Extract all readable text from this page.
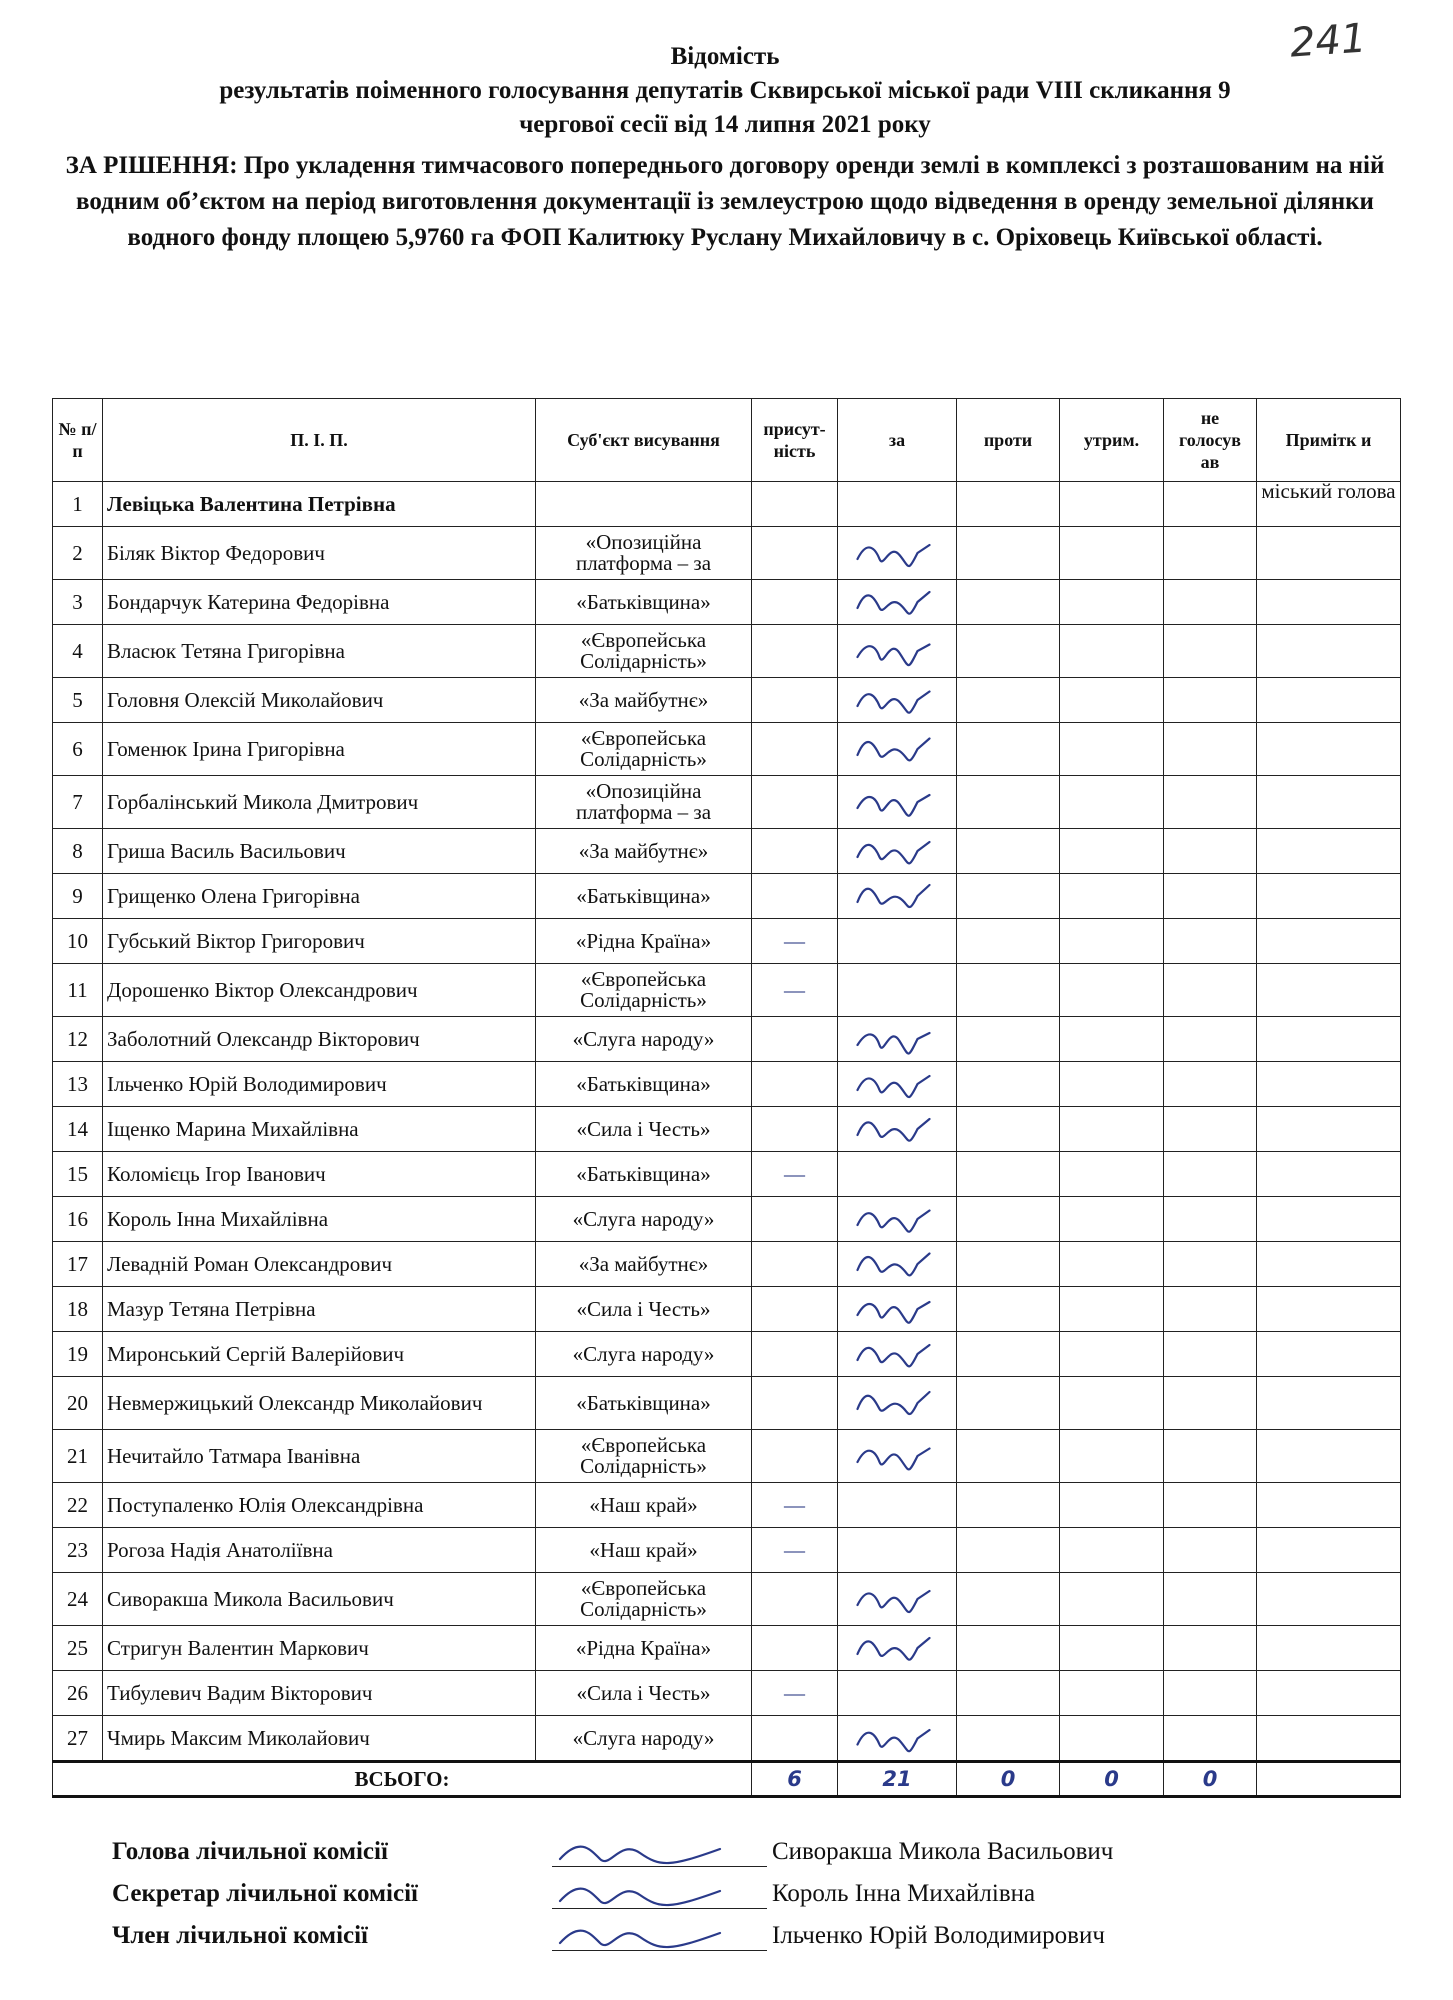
241
Відомість
результатів поіменного голосування депутатів Сквирської міської ради VIII скликання 9
чергової сесії від 14 липня 2021 року
ЗА РІШЕННЯ: Про укладення тимчасового попереднього договору оренди землі в комплексі з розташованим на ній водним об’єктом на період виготовлення документації із землеустрою щодо відведення в оренду земельної ділянки водного фонду площею 5,9760 га ФОП Калитюку Руслану Михайловичу в с. Оріховець Київської області.
№ п/п	П. І. П.	Суб'єкт висування	присут-ність	за	проти	утрим.	не голосув ав	Примітк и
1	Левіцька Валентина Петрівна							міський голова
2	Біляк Віктор Федорович	«Опозиційна платформа – за						
3	Бондарчук Катерина Федорівна	«Батьківщина»						
4	Власюк Тетяна Григорівна	«Європейська Солідарність»						
5	Головня Олексій Миколайович	«За майбутнє»						
6	Гоменюк Ірина Григорівна	«Європейська Солідарність»						
7	Горбалінський Микола Дмитрович	«Опозиційна платформа – за						
8	Гриша Василь Васильович	«За майбутнє»						
9	Грищенко Олена Григорівна	«Батьківщина»						
10	Губський Віктор Григорович	«Рідна Країна»	—					
11	Дорошенко Віктор Олександрович	«Європейська Солідарність»	—					
12	Заболотний Олександр Вікторович	«Слуга народу»						
13	Ільченко Юрій Володимирович	«Батьківщина»						
14	Іщенко Марина Михайлівна	«Сила і Честь»						
15	Коломієць Ігор Іванович	«Батьківщина»	—					
16	Король Інна Михайлівна	«Слуга народу»						
17	Левадній Роман Олександрович	«За майбутнє»						
18	Мазур Тетяна Петрівна	«Сила і Честь»						
19	Миронський Сергій Валерійович	«Слуга народу»						
20	Невмержицький Олександр Миколайович	«Батьківщина»						
21	Нечитайло Татмара Іванівна	«Європейська Солідарність»						
22	Поступаленко Юлія Олександрівна	«Наш край»	—					
23	Рогоза Надія Анатоліївна	«Наш край»	—					
24	Сиворакша Микола Васильович	«Європейська Солідарність»						
25	Стригун Валентин Маркович	«Рідна Країна»						
26	Тибулевич Вадим Вікторович	«Сила і Честь»	—					
27	Чмирь Максим Миколайович	«Слуга народу»						
ВСЬОГО:			6	21	0	0	0	
Голова лічильної комісії	Сиворакша Микола Васильович
Секретар лічильної комісії	Король Інна Михайлівна
Член лічильної комісії	Ільченко Юрій Володимирович
